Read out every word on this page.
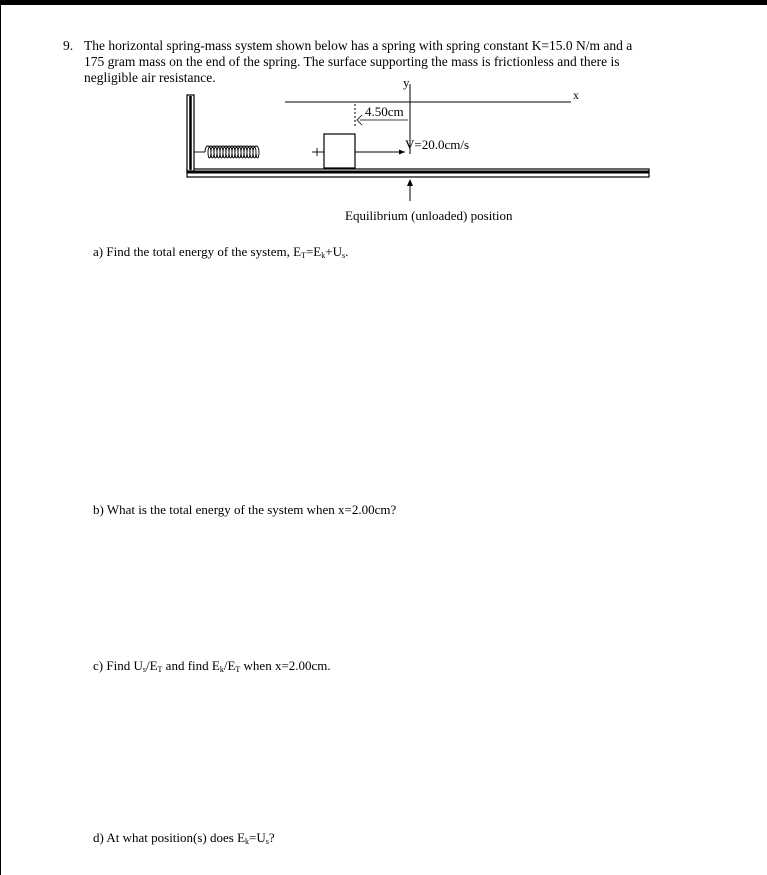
9. The horizontal spring-mass system shown below has a spring with spring constant K=15.0 N/m and a
175 gram mass on the end of the spring. The surface supporting the mass is frictionless and there is
negligible air resistance.	y
x
4.50cm
V=20.0cm/s
Equilibrium (unloaded) position
a) Find the total energy of the system, $E_T=E_k+U_s$.
b) What is the total energy of the system when x=2.00cm?
c) Find $U_s/E_T$ and find $E_k/E_T$ when x=2.00cm.
d) At what position(s) does $E_k=U_s$?
